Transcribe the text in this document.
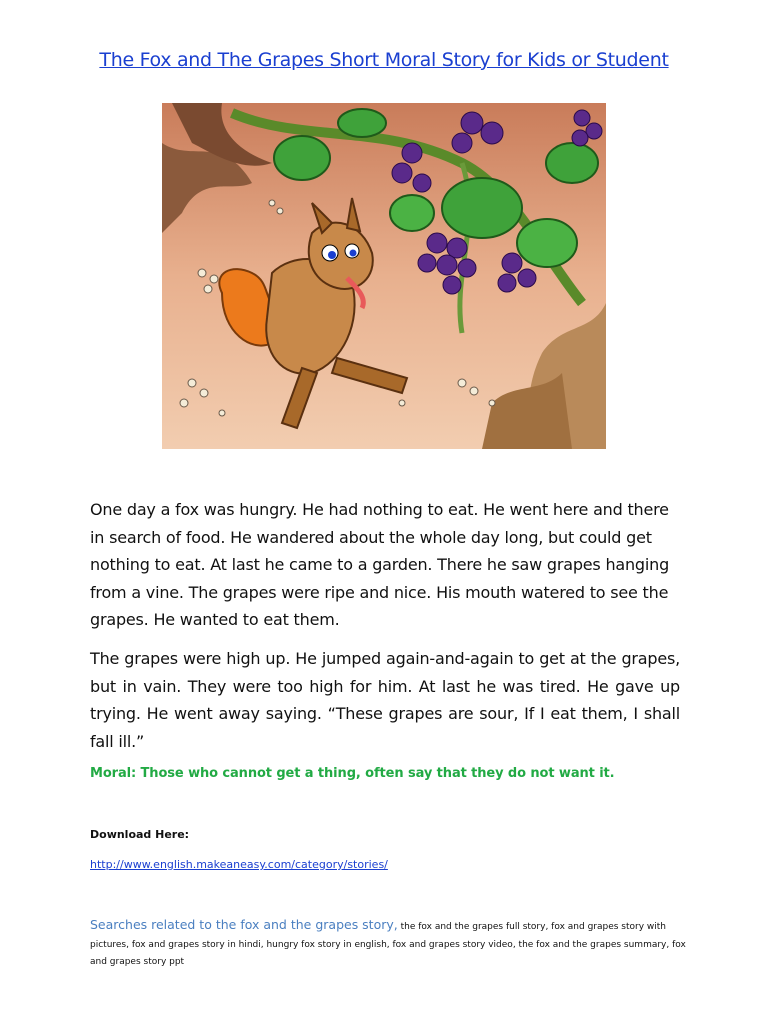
The Fox and The Grapes Short Moral Story for Kids or Student

One day a fox was hungry. He had nothing to eat. He went here and there in search of food. He wandered about the whole day long, but could get nothing to eat. At last he came to a garden. There he saw grapes hanging from a vine. The grapes were ripe and nice. His mouth watered to see the grapes. He wanted to eat them.

The grapes were high up. He jumped again-and-again to get at the grapes, but in vain. They were too high for him. At last he was tired. He gave up trying. He went away saying. “These grapes are sour, If I eat them, I shall fall ill.”

Moral: Those who cannot get a thing, often say that they do not want it.
Download Here:
http://www.english.makeaneasy.com/category/stories/
Searches related to the fox and the grapes story, the fox and the grapes full story, fox and grapes story with pictures, fox and grapes story in hindi, hungry fox story in english, fox and grapes story video, the fox and the grapes summary, fox and grapes story ppt
